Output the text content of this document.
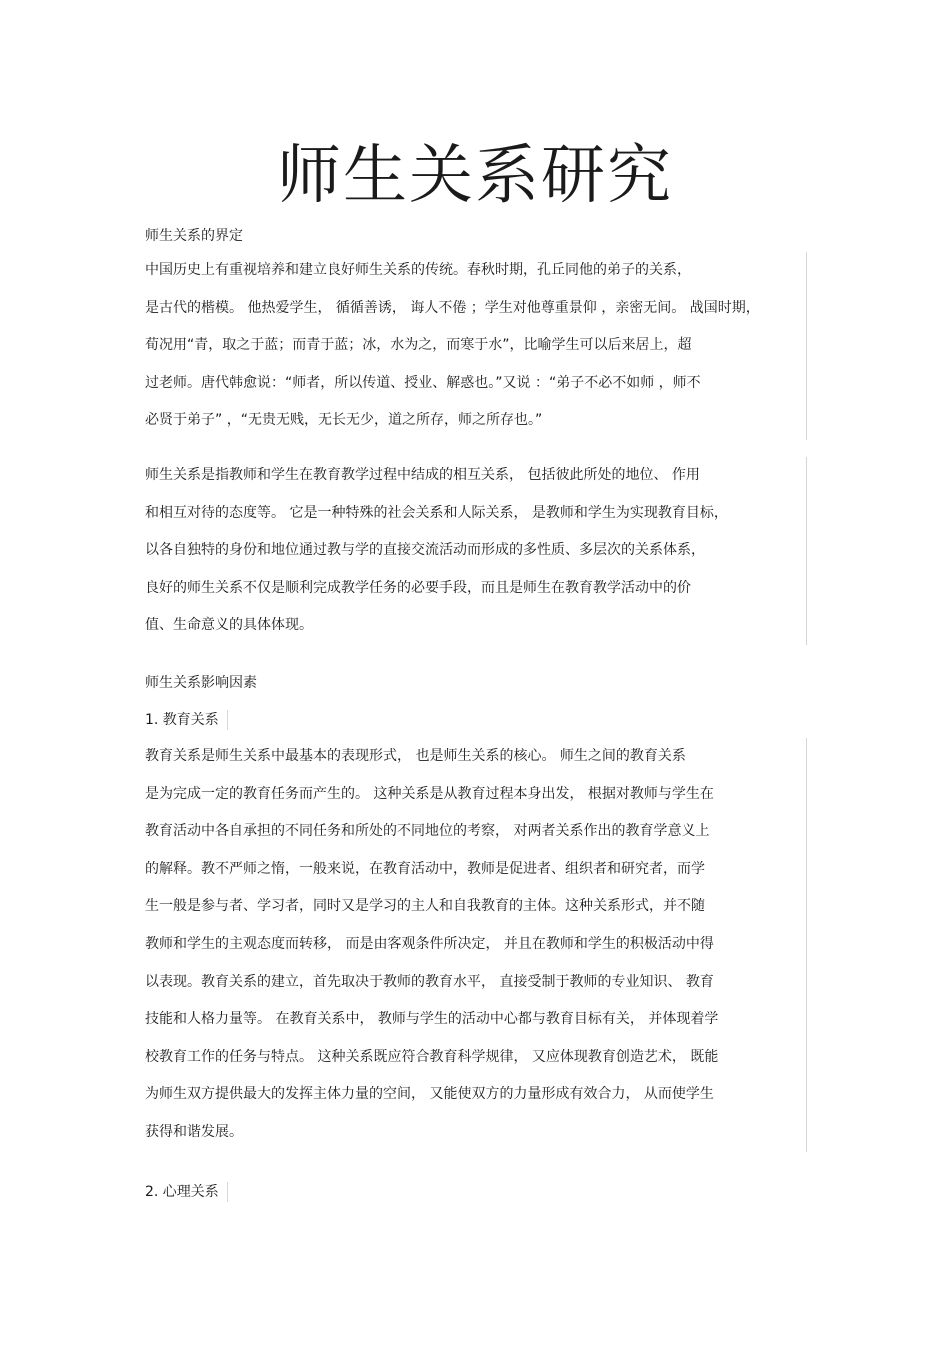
师生关系研究
师生关系的界定
中国历史上有重视培养和建立良好师生关系的传统。春秋时期，孔丘同他的弟子的关系，
是古代的楷模。 他热爱学生， 循循善诱， 诲人不倦 ；学生对他尊重景仰 ，亲密无间。 战国时期，
荀况用“青，取之于蓝；而青于蓝；冰，水为之，而寒于水”，比喻学生可以后来居上，超
过老师。唐代韩愈说：“师者，所以传道、授业、解惑也。”又说 ：“弟子不必不如师 ，师不
必贤于弟子” ，“无贵无贱，无长无少，道之所存，师之所存也。”
师生关系是指教师和学生在教育教学过程中结成的相互关系， 包括彼此所处的地位、 作用
和相互对待的态度等。 它是一种特殊的社会关系和人际关系， 是教师和学生为实现教育目标，
以各自独特的身份和地位通过教与学的直接交流活动而形成的多性质、多层次的关系体系，
良好的师生关系不仅是顺利完成教学任务的必要手段，而且是师生在教育教学活动中的价
值、生命意义的具体体现。
师生关系影响因素
1. 教育关系
教育关系是师生关系中最基本的表现形式， 也是师生关系的核心。 师生之间的教育关系
是为完成一定的教育任务而产生的。 这种关系是从教育过程本身出发， 根据对教师与学生在
教育活动中各自承担的不同任务和所处的不同地位的考察， 对两者关系作出的教育学意义上
的解释。教不严师之惰，一般来说，在教育活动中，教师是促进者、组织者和研究者，而学
生一般是参与者、学习者，同时又是学习的主人和自我教育的主体。这种关系形式，并不随
教师和学生的主观态度而转移， 而是由客观条件所决定， 并且在教师和学生的积极活动中得
以表现。教育关系的建立，首先取决于教师的教育水平， 直接受制于教师的专业知识、 教育
技能和人格力量等。 在教育关系中， 教师与学生的活动中心都与教育目标有关， 并体现着学
校教育工作的任务与特点。 这种关系既应符合教育科学规律， 又应体现教育创造艺术， 既能
为师生双方提供最大的发挥主体力量的空间， 又能使双方的力量形成有效合力， 从而使学生
获得和谐发展。
2. 心理关系
